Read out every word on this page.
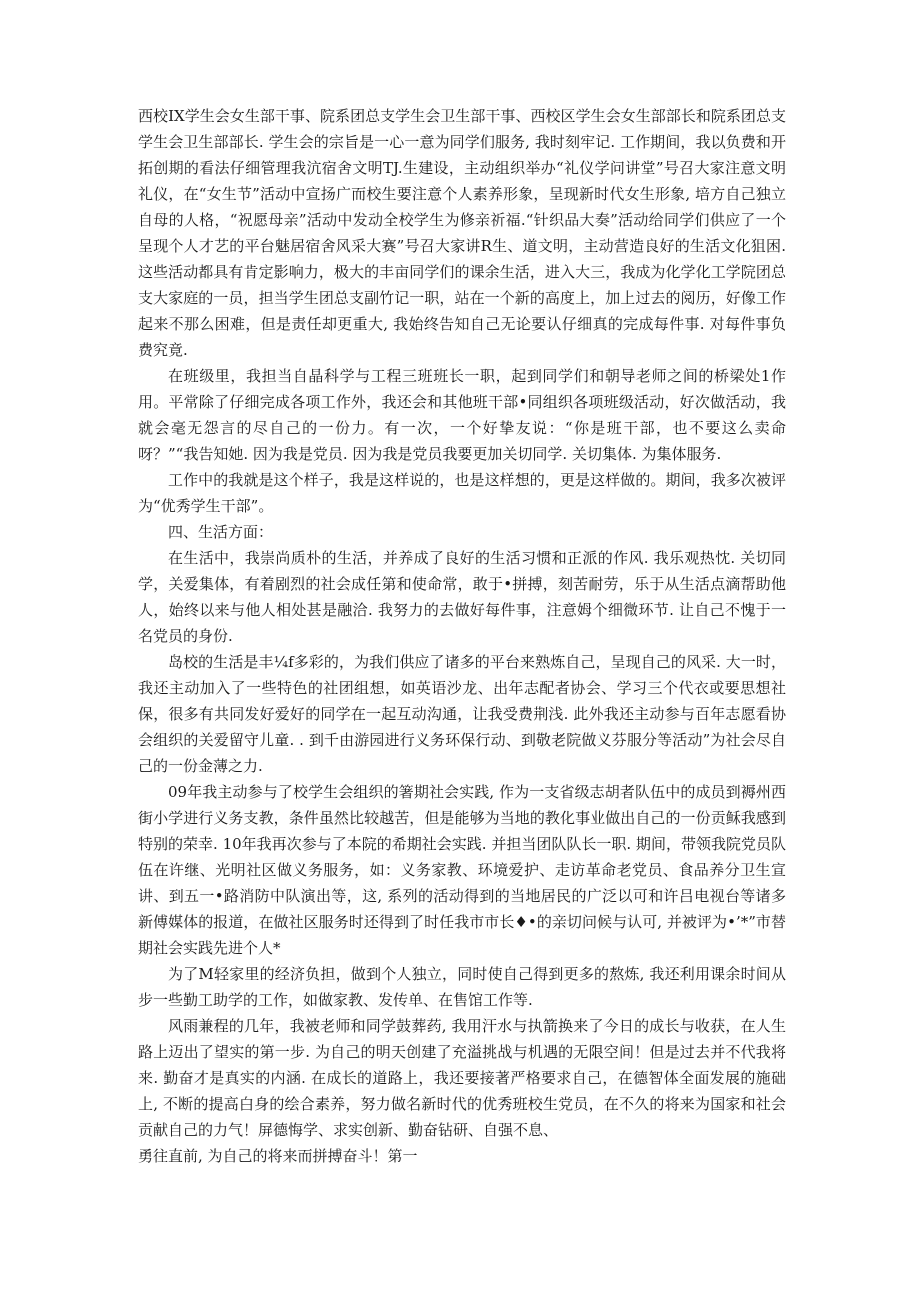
西校IX学生会女生部干事、院系团总支学生会卫生部干事、西校区学生会女生部部长和院系团总支学生会卫生部部长. 学生会的宗旨是一心一意为同学们服务, 我时刻牢记. 工作期间，我以负费和开拓创期的看法仔细管理我沆宿舍文明TJ.生建设，主动组织举办“礼仪学问讲堂”号召大家注意文明礼仪，在“女生节”活动中宣扬广而校生要注意个人素养形象，呈现新时代女生形象, 培方自己独立自母的人格，“祝愿母亲”活动中发动全校学生为修亲祈福.“针织品大奏”活动给同学们供应了一个呈现个人才艺的平台魅居宿舍风采大赛”号召大家讲R生、道文明，主动营造良好的生活文化狙困. 这些活动都具有肯定影响力，极大的丰亩同学们的课余生活，进入大三，我成为化学化工学院团总支大家庭的一员，担当学生团总支副竹记一职，站在一个新的高度上，加上过去的阅历，好像工作起来不那么困难，但是责任却更重大, 我始终告知自己无论要认仔细真的完成每件事. 对每件事负费究竟.

在班级里，我担当自晶科学与工程三班班长一职，起到同学们和朝导老师之间的桥梁处1作用。平常除了仔细完成各项工作外，我还会和其他班干部•同组织各项班级活动，好次做活动，我就会毫无怨言的尽自己的一份力。有一次，一个好挚友说：“你是班干部，也不要这么卖命呀？”“我告知她. 因为我是党员. 因为我是党员我要更加关切同学. 关切集体. 为集体服务.

工作中的我就是这个样子，我是这样说的，也是这样想的，更是这样做的。期间，我多次被评为“优秀学生干部”。

四、生活方面：

在生活中，我崇尚质朴的生活，并养成了良好的生活习惯和正派的作风. 我乐观热忱. 关切同学，关爱集体，有着剧烈的社会成任第和使命常，敢于•拼搏，刻苦耐劳，乐于从生活点滴帮助他人，始终以来与他人相处甚是融洽. 我努力的去做好每件事，注意姆个细微环节. 让自己不愧于一名党员的身份.

岛校的生活是丰¼f多彩的，为我们供应了诸多的平台来熟炼自己，呈现自己的风采. 大一时，我还主动加入了一些特色的社团组想，如英语沙龙、出年志配者协会、学习三个代衣或要思想社保，很多有共同发好爱好的同学在一起互动沟通，让我受费荆浅. 此外我还主动参与百年志愿看协会组织的关爱留守儿童. . 到千由游园进行义务环保行动、到敬老院做义芬服分等活动”为社会尽自己的一份金薄之力.

09年我主动参与了校学生会组织的箸期社会实践, 作为一支省级志胡者队伍中的成员到褥州西街小学进行义务支教，条件虽然比较越苦，但是能够为当地的教化事业做出自己的一份贡稣我感到特别的荣幸. 10年我再次参与了本院的希期社会实践. 并担当团队队长一职. 期间，带领我院党员队伍在许继、光明社区做义务服务，如：义务家教、环境爱护、走访革命老党员、食品养分卫生宣讲、到五一•路消防中队演出等，这, 系列的活动得到的当地居民的广泛以可和许吕电视台等诸多新傅媒体的报道，在做社区服务时还得到了时任我市市长♦•的亲切问候与认可, 并被评为•’*”市替期社会实践先进个人*

为了M轻家里的经济负担，做到个人独立，同时使自己得到更多的熬炼, 我还利用课余时间从步一些勤工助学的工作，如做家教、发传单、在售馆工作等.

风雨兼程的几年，我被老师和同学鼓葬药, 我用汗水与执箭换来了今日的成长与收获，在人生路上迈出了望实的第一步. 为自己的明天创建了充溢挑战与机遇的无限空间！但是过去并不代我将来. 勤奋才是真实的内涵. 在成长的道路上，我还要接著严格要求自己，在德智体全面发展的施础上, 不断的提高白身的绘合素养，努力做名新时代的优秀班校生党员，在不久的将来为国家和社会贡献自己的力气！屏德悔学、求实创新、勤奋钻研、自强不息、

勇往直前, 为自己的将来而拼搏奋斗！第一
